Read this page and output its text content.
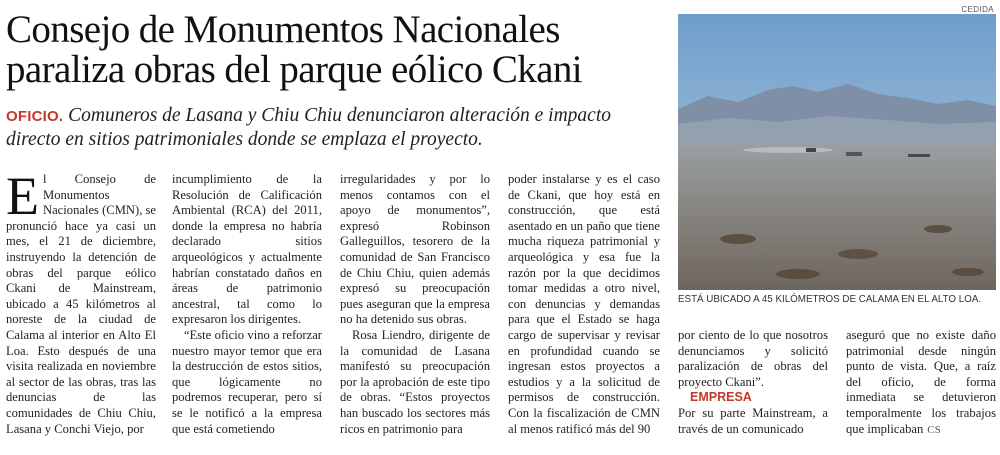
Consejo de Monumentos Nacionales paraliza obras del parque eólico Ckani
OFICIO. Comuneros de Lasana y Chiu Chiu denunciaron alteración e impacto directo en sitios patrimoniales donde se emplaza el proyecto.
CEDIDA
ESTÁ UBICADO A 45 KILÓMETROS DE CALAMA EN EL ALTO LOA.
E l Consejo de Monumentos Nacionales (CMN), se pronunció hace ya casi un mes, el 21 de diciembre, instruyendo la detención de obras del parque eólico Ckani de Mainstream, ubicado a 45 kilómetros al noreste de la ciudad de Calama al interior en Alto El Loa. Esto después de una visita realizada en noviembre al sector de las obras, tras las denuncias de las comunidades de Chiu Chiu, Lasana y Conchi Viejo, por

incumplimiento de la Resolución de Calificación Ambiental (RCA) del 2011, donde la empresa no habría declarado sitios arqueológicos y actualmente habrían constatado daños en áreas de patrimonio ancestral, tal como lo expresaron los dirigentes.

“Este oficio vino a reforzar nuestro mayor temor que era la destrucción de estos sitios, que lógicamente no podremos recuperar, pero sí se le notificó a la empresa que está cometiendo

irregularidades y por lo menos contamos con el apoyo de monumentos”, expresó Robinson Galleguillos, tesorero de la comunidad de San Francisco de Chiu Chiu, quien además expresó su preocupación pues aseguran que la empresa no ha detenido sus obras.

Rosa Liendro, dirigente de la comunidad de Lasana manifestó su preocupación por la aprobación de este tipo de obras. “Estos proyectos han buscado los sectores más ricos en patrimonio para

poder instalarse y es el caso de Ckani, que hoy está en construcción, que está asentado en un paño que tiene mucha riqueza patrimonial y arqueológica y esa fue la razón por la que decidimos tomar medidas a otro nivel, con denuncias y demandas para que el Estado se haga cargo de supervisar y revisar en profundidad cuando se ingresan estos proyectos a estudios y a la solicitud de permisos de construcción. Con la fiscalización de CMN al menos ratificó más del 90

por ciento de lo que nosotros denunciamos y solicitó paralización de obras del proyecto Ckani”.

EMPRESA

Por su parte Mainstream, a través de un comunicado

aseguró que no existe daño patrimonial desde ningún punto de vista. Que, a raíz del oficio, de forma inmediata se detuvieron temporalmente los trabajos que implicaban CS
